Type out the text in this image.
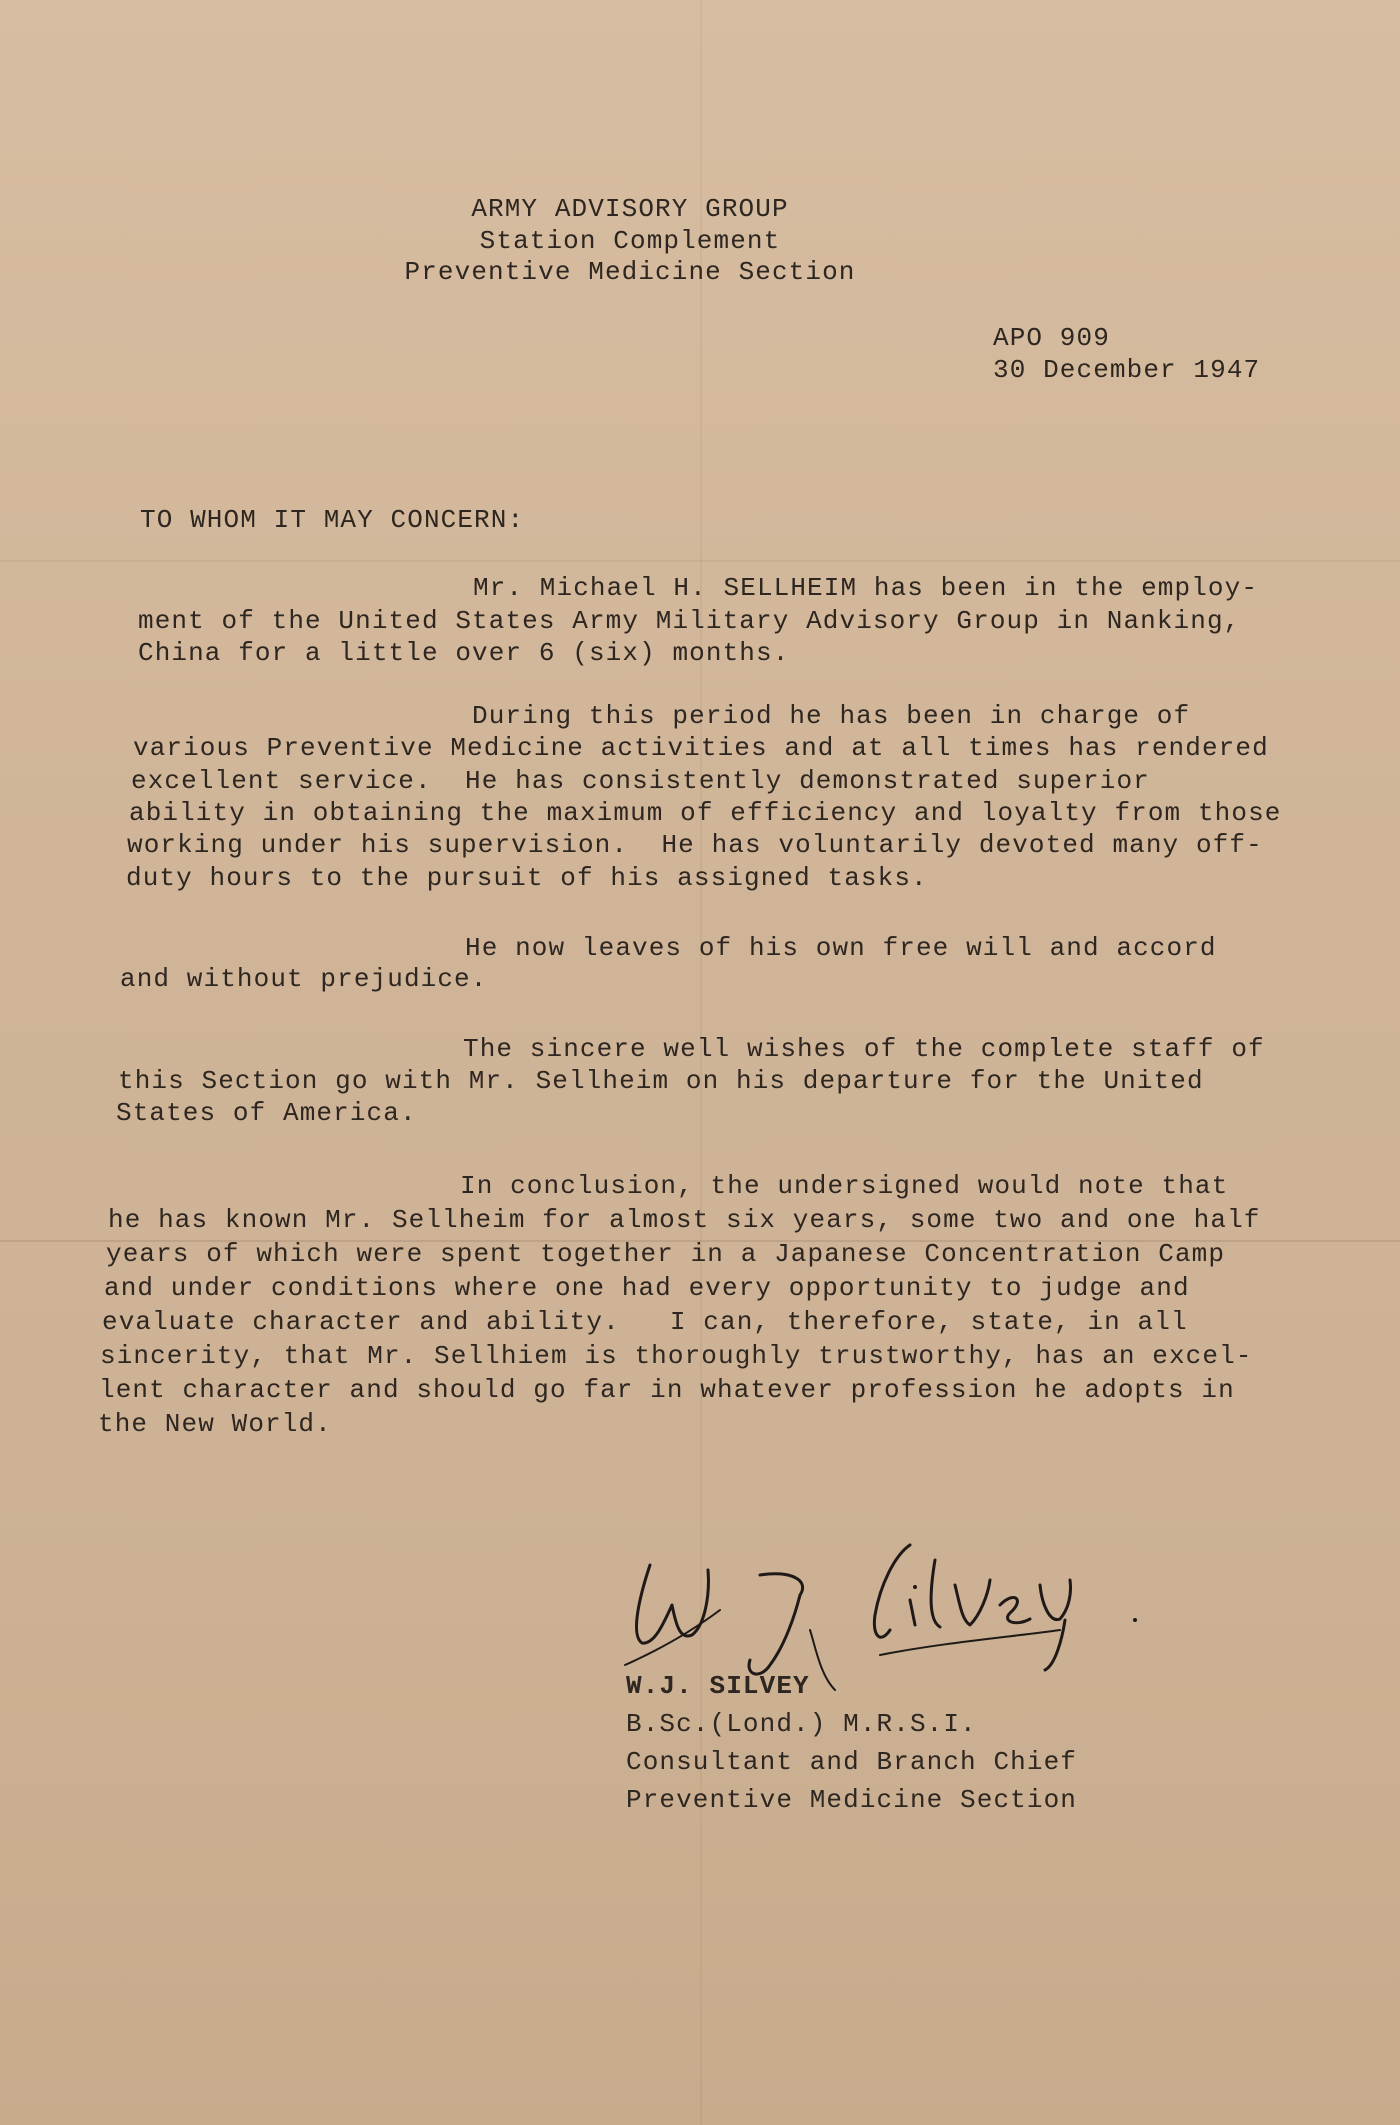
ARMY ADVISORY GROUP
Station Complement
Preventive Medicine Section
APO 909
30 December 1947
TO WHOM IT MAY CONCERN:
Mr. Michael H. SELLHEIM has been in the employ-
ment of the United States Army Military Advisory Group in Nanking,
China for a little over 6 (six) months.
During this period he has been in charge of
various Preventive Medicine activities and at all times has rendered
excellent service.  He has consistently demonstrated superior
ability in obtaining the maximum of efficiency and loyalty from those
working under his supervision.  He has voluntarily devoted many off-
duty hours to the pursuit of his assigned tasks.
He now leaves of his own free will and accord
and without prejudice.
The sincere well wishes of the complete staff of
this Section go with Mr. Sellheim on his departure for the United
States of America.
In conclusion, the undersigned would note that
he has known Mr. Sellheim for almost six years, some two and one half
years of which were spent together in a Japanese Concentration Camp
and under conditions where one had every opportunity to judge and
evaluate character and ability.   I can, therefore, state, in all
sincerity, that Mr. Sellhiem is thoroughly trustworthy, has an excel-
lent character and should go far in whatever profession he adopts in
the New World.
W.J. SILVEY
B.Sc.(Lond.) M.R.S.I.
Consultant and Branch Chief
Preventive Medicine Section
